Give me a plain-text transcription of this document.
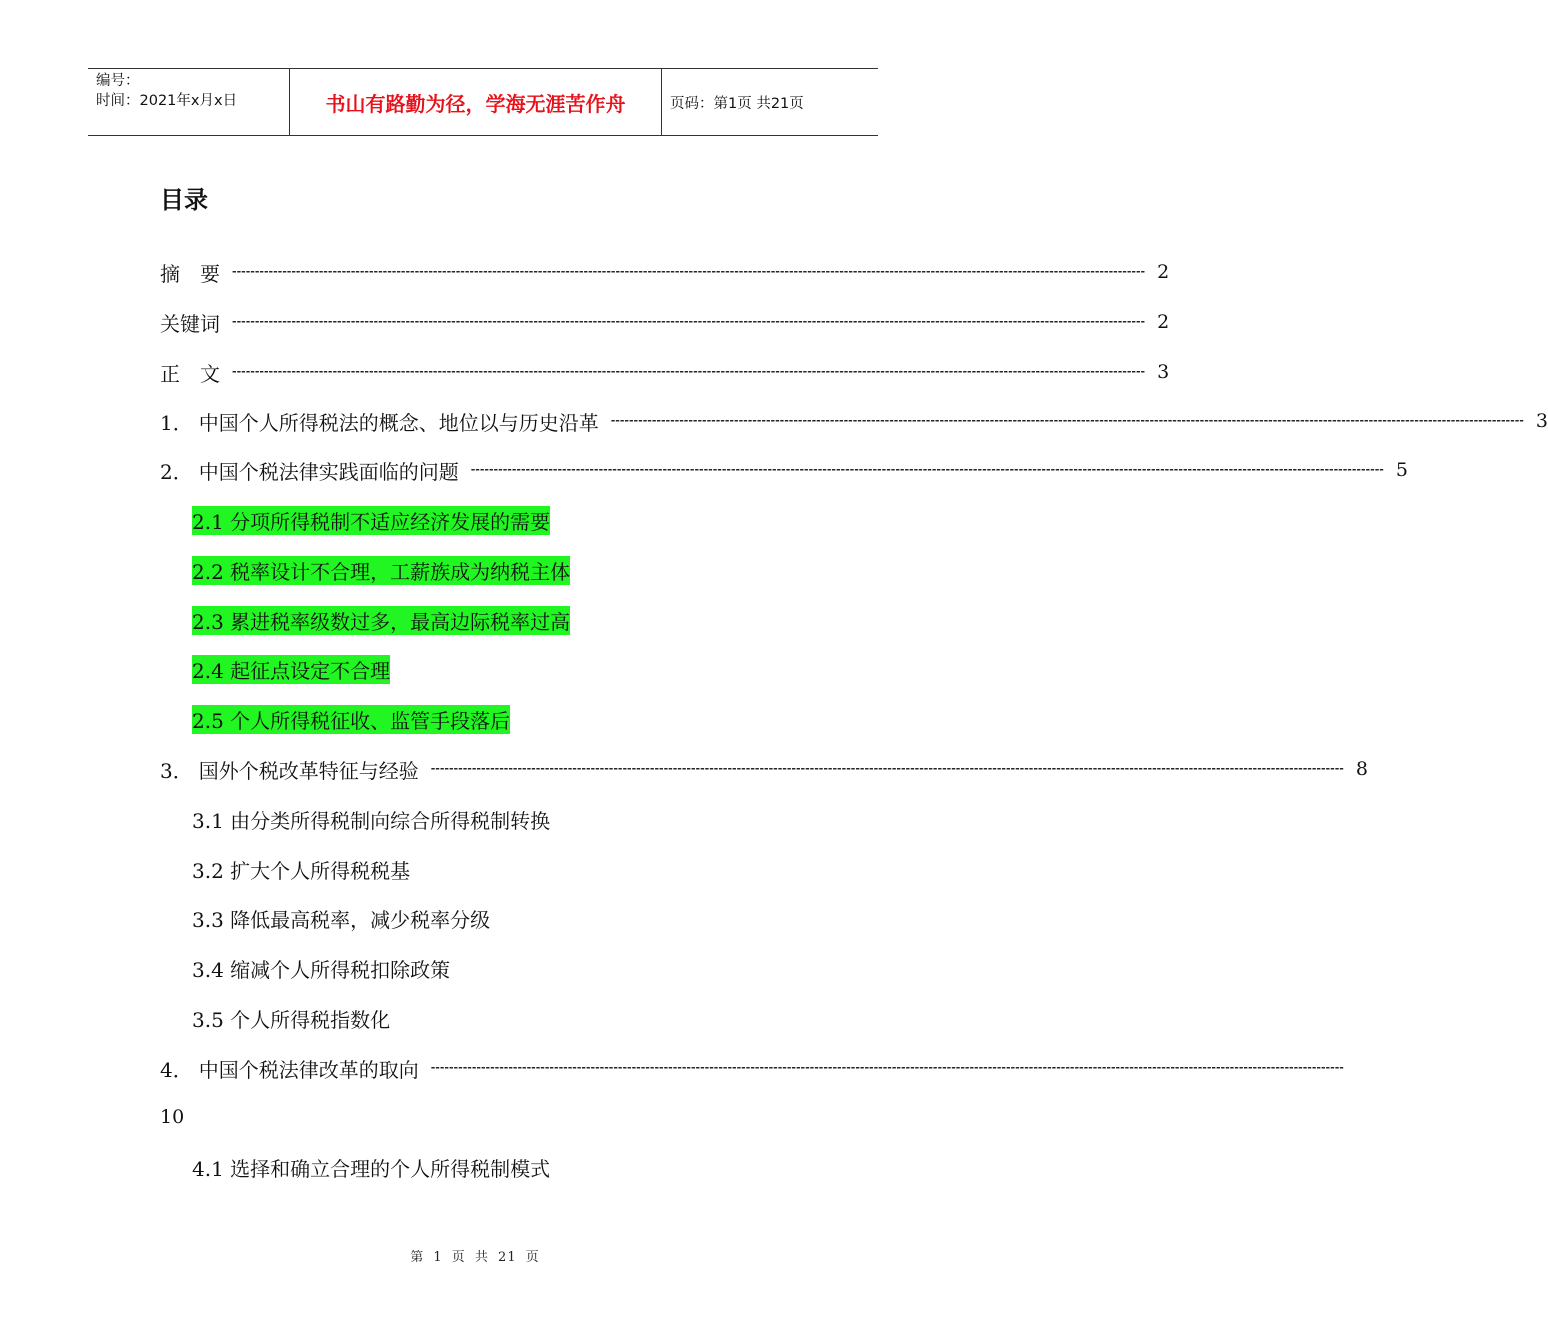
编号：
时间：2021年x月x日	书山有路勤为径，学海无涯苦作舟	页码：第1页 共21页
目录
摘　要 -------------------------------------------------------------------------------------------------------------------------------------------------------------------------------------------------------- 2
关键词 -------------------------------------------------------------------------------------------------------------------------------------------------------------------------------------------------------- 2
正　文 -------------------------------------------------------------------------------------------------------------------------------------------------------------------------------------------------------- 3
1． 中国个人所得税法的概念、地位以与历史沿革 -------------------------------------------------------------------------------------------------------------------------------------------------------------------------------------------------------- 3
2． 中国个税法律实践面临的问题 -------------------------------------------------------------------------------------------------------------------------------------------------------------------------------------------------------- 5
2.1 分项所得税制不适应经济发展的需要
2.2 税率设计不合理，工薪族成为纳税主体
2.3 累进税率级数过多，最高边际税率过高
2.4 起征点设定不合理
2.5 个人所得税征收、监管手段落后
3． 国外个税改革特征与经验 -------------------------------------------------------------------------------------------------------------------------------------------------------------------------------------------------------- 8
3.1 由分类所得税制向综合所得税制转换
3.2 扩大个人所得税税基
3.3 降低最高税率，减少税率分级
3.4 缩减个人所得税扣除政策
3.5 个人所得税指数化
4． 中国个税法律改革的取向 --------------------------------------------------------------------------------------------------------------------------------------------------------------------------------------------------------
10
4.1 选择和确立合理的个人所得税制模式
第 1 页 共 21 页
